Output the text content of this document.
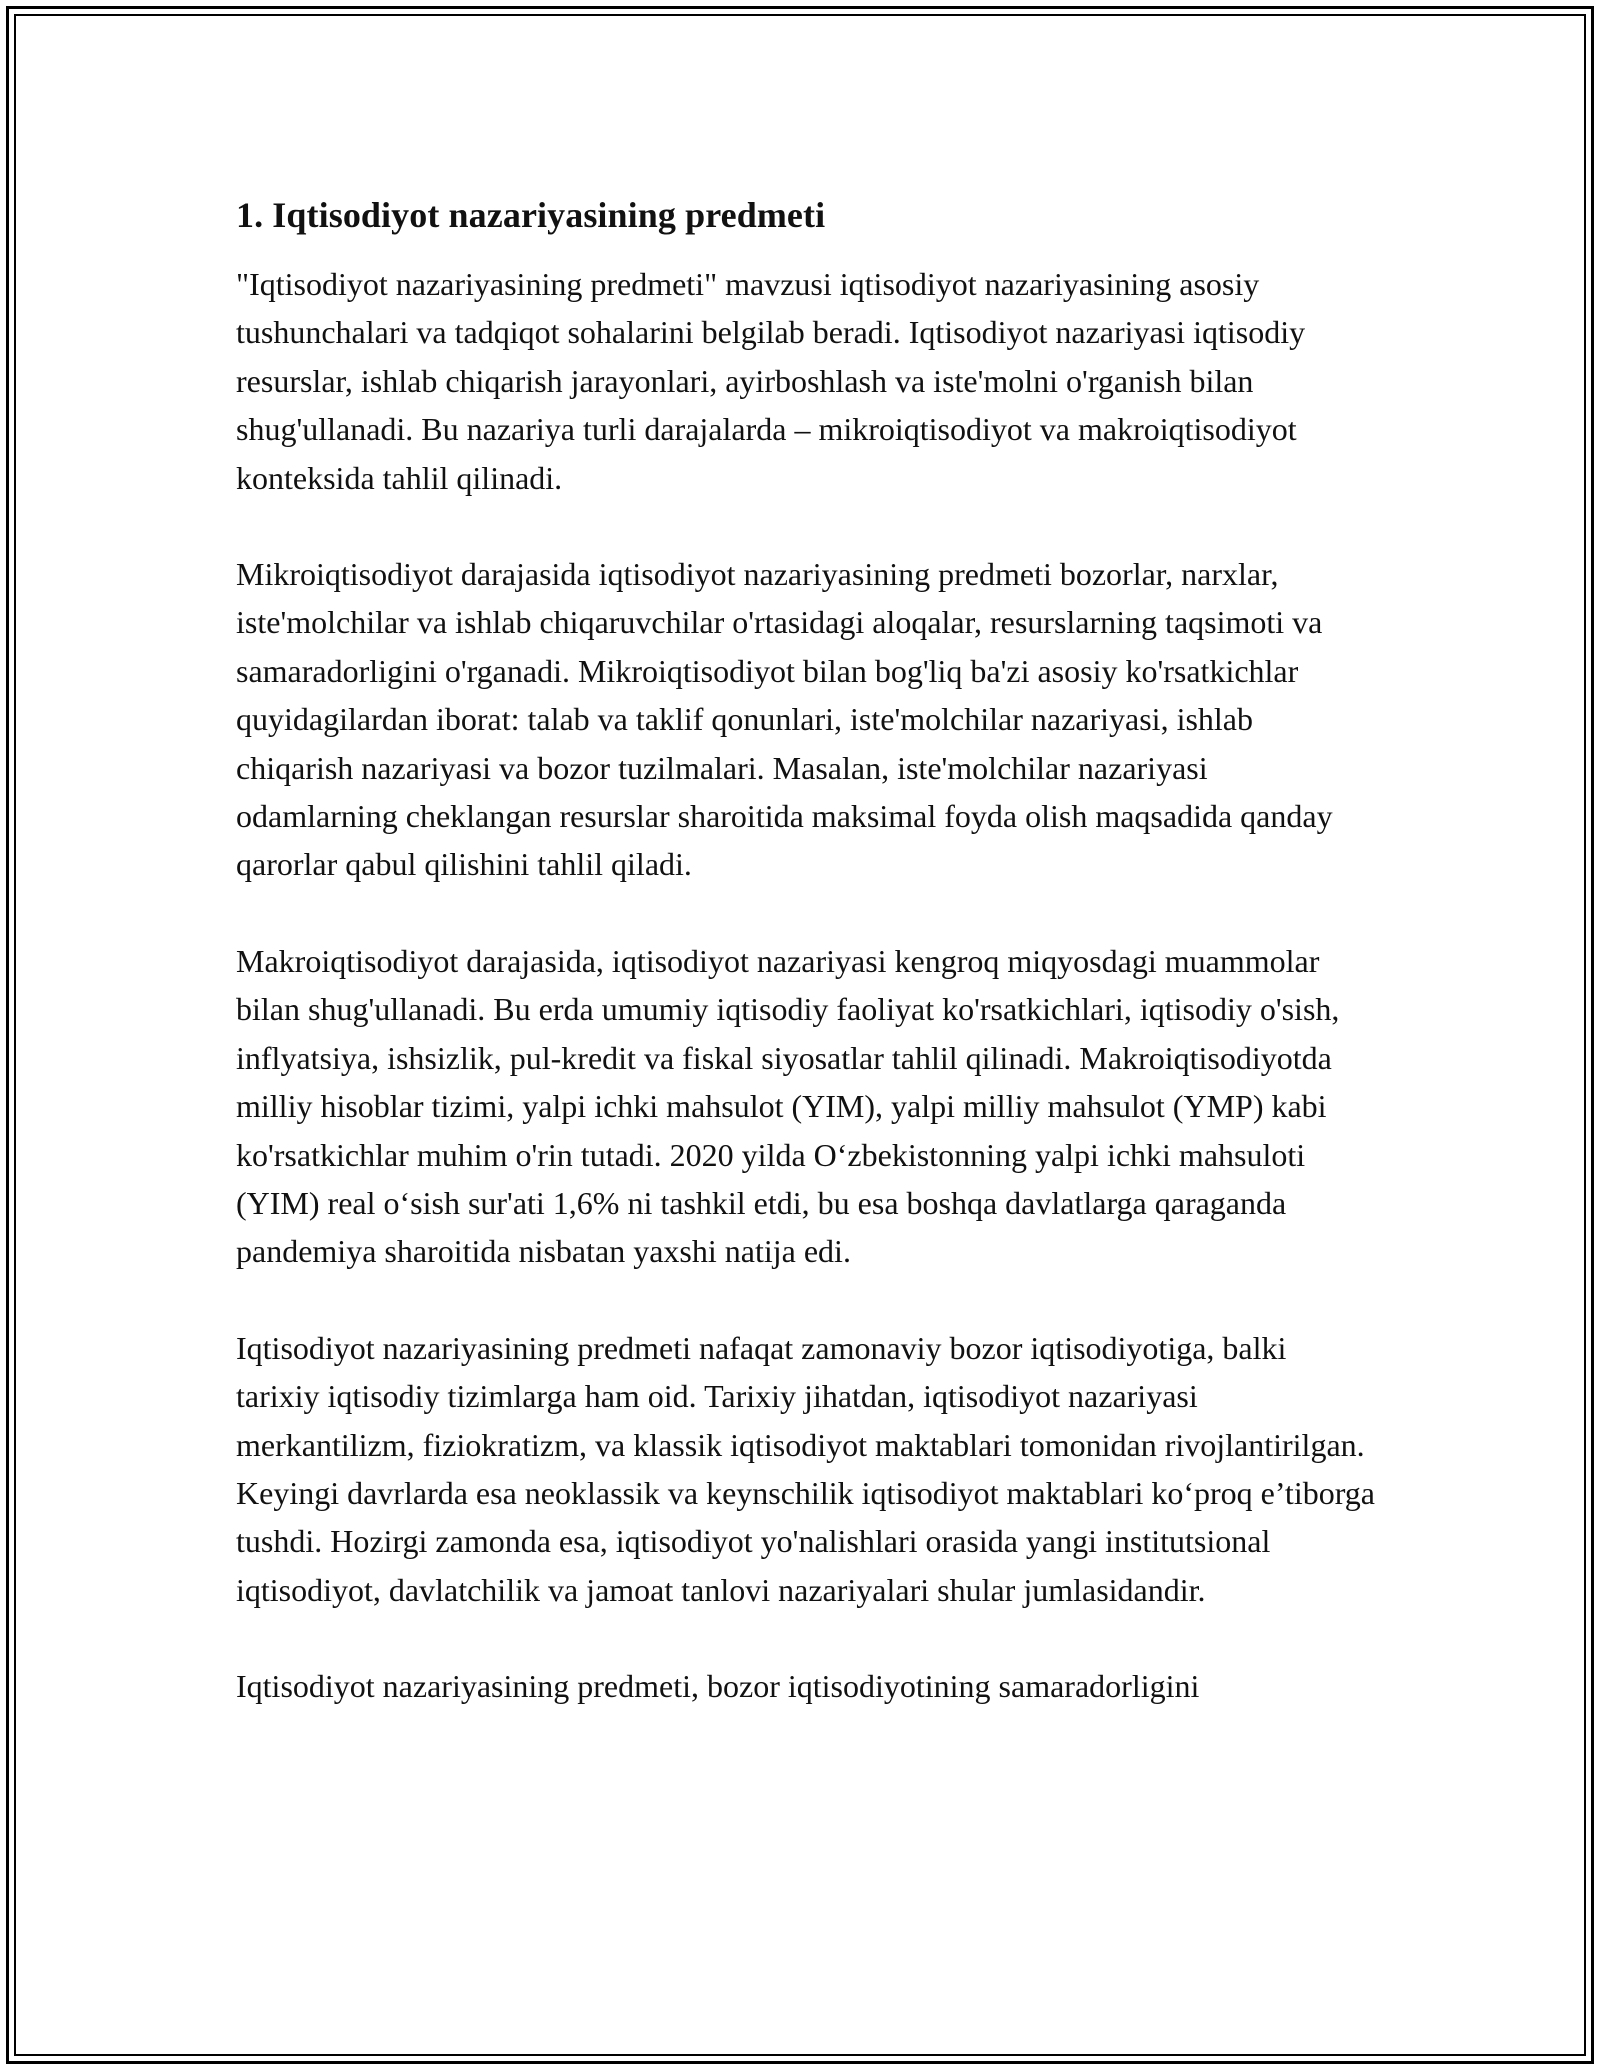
1. Iqtisodiyot nazariyasining predmeti

"Iqtisodiyot nazariyasining predmeti" mavzusi iqtisodiyot nazariyasining asosiy tushunchalari va tadqiqot sohalarini belgilab beradi. Iqtisodiyot nazariyasi iqtisodiy resurslar, ishlab chiqarish jarayonlari, ayirboshlash va iste'molni o'rganish bilan shug'ullanadi. Bu nazariya turli darajalarda – mikroiqtisodiyot va makroiqtisodiyot konteksida tahlil qilinadi.

Mikroiqtisodiyot darajasida iqtisodiyot nazariyasining predmeti bozorlar, narxlar, iste'molchilar va ishlab chiqaruvchilar o'rtasidagi aloqalar, resurslarning taqsimoti va samaradorligini o'rganadi. Mikroiqtisodiyot bilan bog'liq ba'zi asosiy ko'rsatkichlar quyidagilardan iborat: talab va taklif qonunlari, iste'molchilar nazariyasi, ishlab chiqarish nazariyasi va bozor tuzilmalari. Masalan, iste'molchilar nazariyasi odamlarning cheklangan resurslar sharoitida maksimal foyda olish maqsadida qanday qarorlar qabul qilishini tahlil qiladi.

Makroiqtisodiyot darajasida, iqtisodiyot nazariyasi kengroq miqyosdagi muammolar bilan shug'ullanadi. Bu erda umumiy iqtisodiy faoliyat ko'rsatkichlari, iqtisodiy o'sish, inflyatsiya, ishsizlik, pul-kredit va fiskal siyosatlar tahlil qilinadi. Makroiqtisodiyotda milliy hisoblar tizimi, yalpi ichki mahsulot (YIM), yalpi milliy mahsulot (YMP) kabi ko'rsatkichlar muhim o'rin tutadi. 2020 yilda O‘zbekistonning yalpi ichki mahsuloti (YIM) real o‘sish sur'ati 1,6% ni tashkil etdi, bu esa boshqa davlatlarga qaraganda pandemiya sharoitida nisbatan yaxshi natija edi.

Iqtisodiyot nazariyasining predmeti nafaqat zamonaviy bozor iqtisodiyotiga, balki tarixiy iqtisodiy tizimlarga ham oid. Tarixiy jihatdan, iqtisodiyot nazariyasi merkantilizm, fiziokratizm, va klassik iqtisodiyot maktablari tomonidan rivojlantirilgan. Keyingi davrlarda esa neoklassik va keynschilik iqtisodiyot maktablari ko‘proq e’tiborga tushdi. Hozirgi zamonda esa, iqtisodiyot yo'nalishlari orasida yangi institutsional iqtisodiyot, davlatchilik va jamoat tanlovi nazariyalari shular jumlasidandir.

Iqtisodiyot nazariyasining predmeti, bozor iqtisodiyotining samaradorligini
